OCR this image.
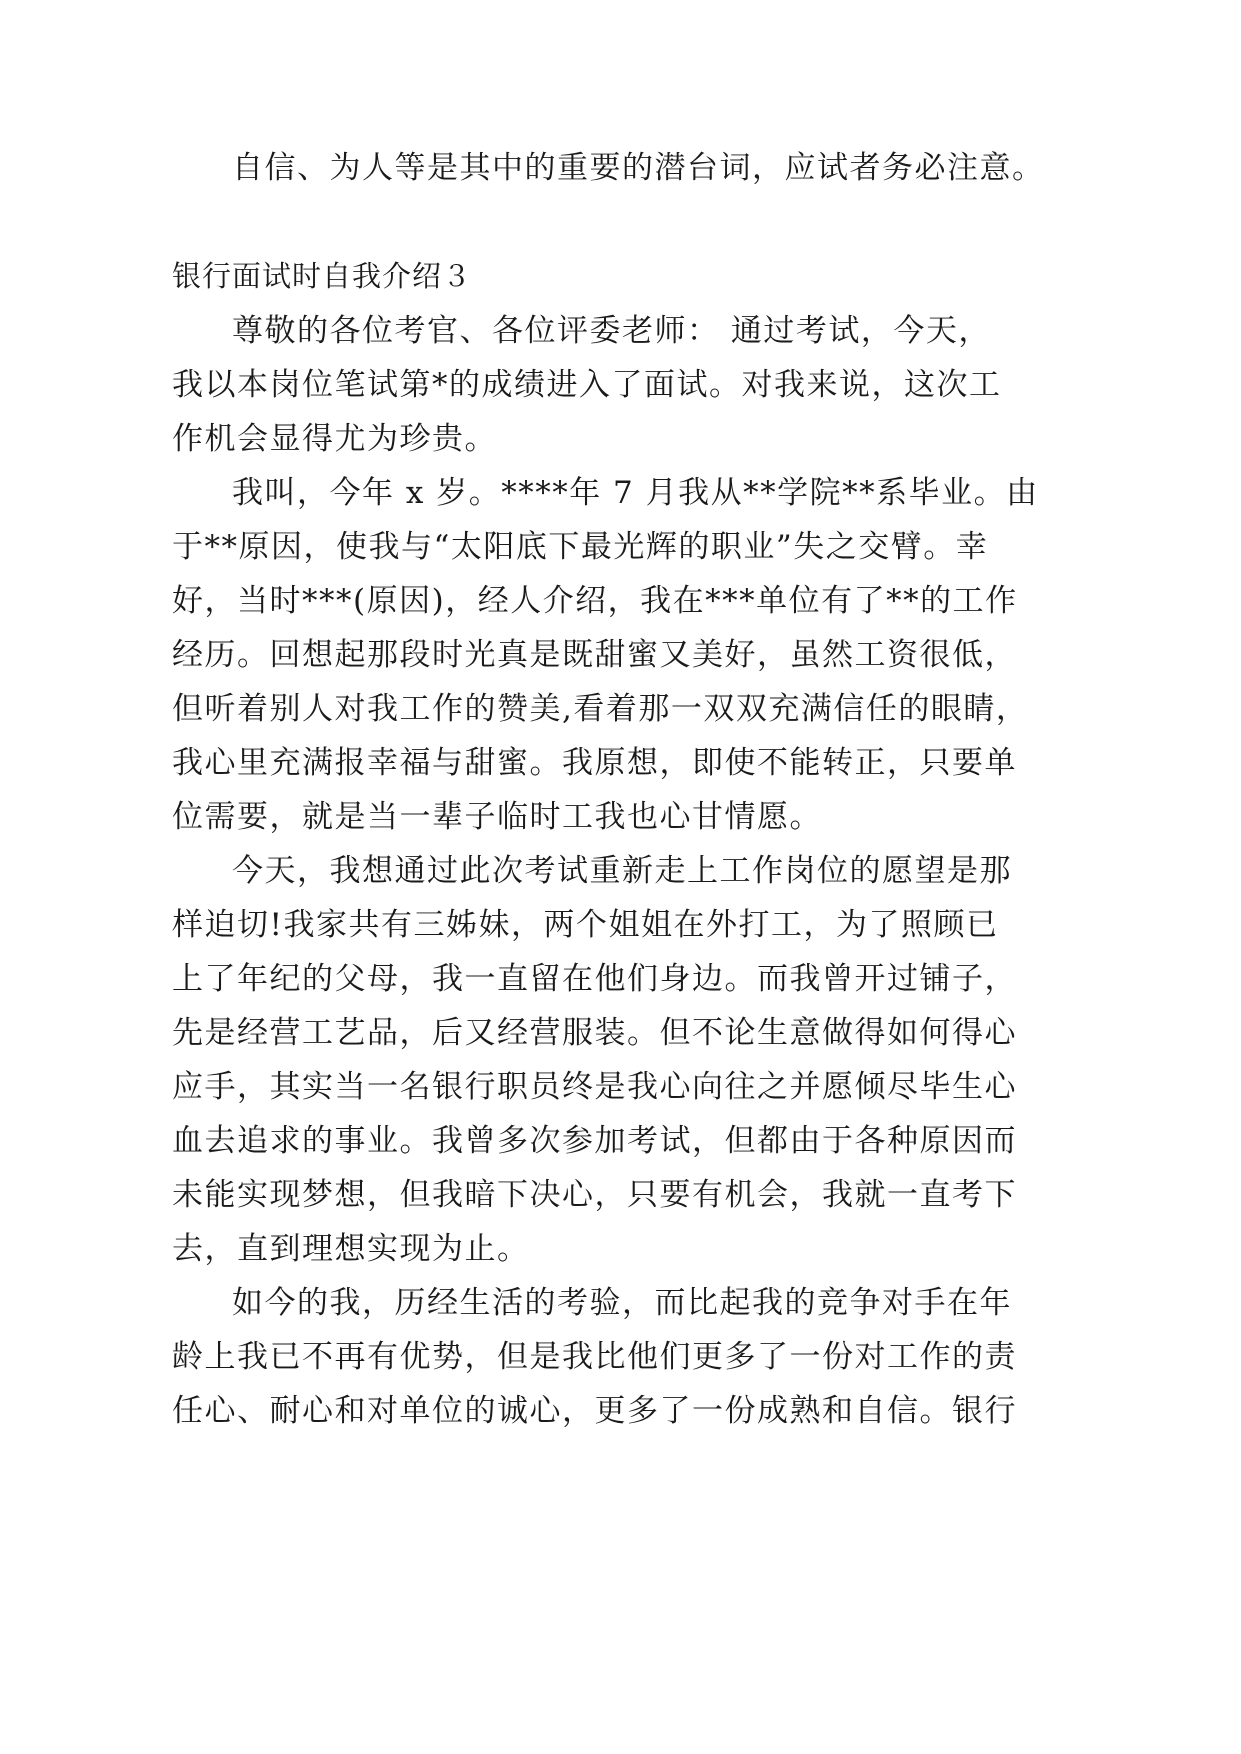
自信、为人等是其中的重要的潜台词，应试者务必注意。
银行面试时自我介绍３
尊敬的各位考官、各位评委老师： 通过考试，今天，
我以本岗位笔试第*的成绩进入了面试。对我来说，这次工
作机会显得尤为珍贵。
我叫，今年 x 岁。****年 7 月我从**学院**系毕业。由
于**原因，使我与“太阳底下最光辉的职业”失之交臂。幸
好，当时***(原因)，经人介绍，我在***单位有了**的工作
经历。回想起那段时光真是既甜蜜又美好，虽然工资很低，
但听着别人对我工作的赞美,看着那一双双充满信任的眼睛，
我心里充满报幸福与甜蜜。我原想，即使不能转正，只要单
位需要，就是当一辈子临时工我也心甘情愿。
今天，我想通过此次考试重新走上工作岗位的愿望是那
样迫切!我家共有三姊妹，两个姐姐在外打工，为了照顾已
上了年纪的父母，我一直留在他们身边。而我曾开过铺子，
先是经营工艺品，后又经营服装。但不论生意做得如何得心
应手，其实当一名银行职员终是我心向往之并愿倾尽毕生心
血去追求的事业。我曾多次参加考试，但都由于各种原因而
未能实现梦想，但我暗下决心，只要有机会，我就一直考下
去，直到理想实现为止。
如今的我，历经生活的考验，而比起我的竞争对手在年
龄上我已不再有优势，但是我比他们更多了一份对工作的责
任心、耐心和对单位的诚心，更多了一份成熟和自信。银行
